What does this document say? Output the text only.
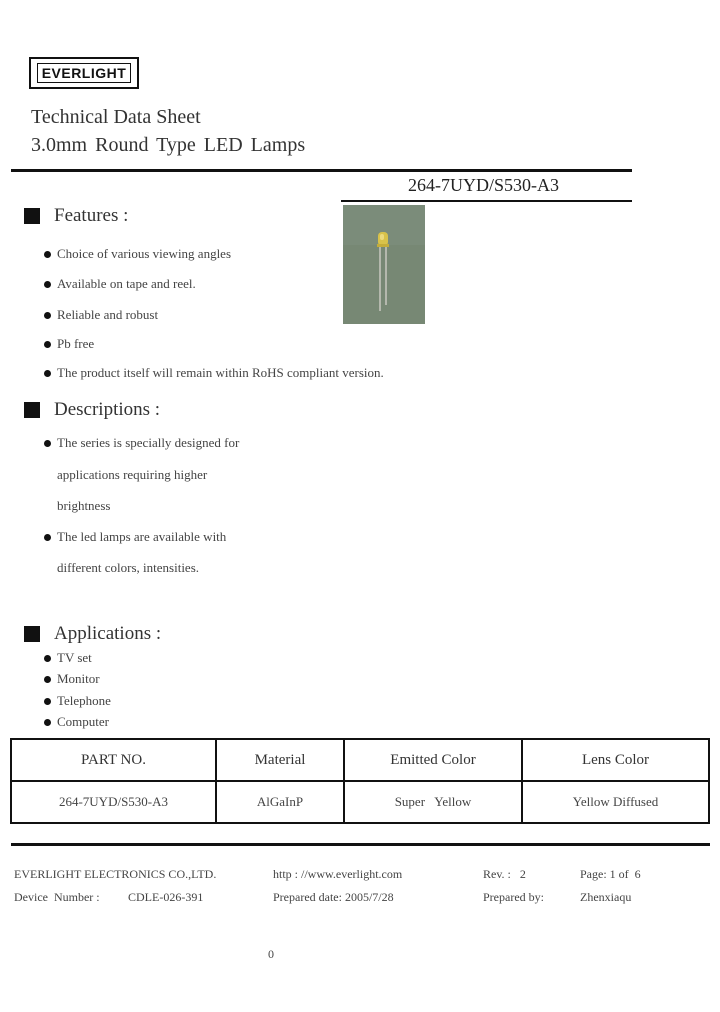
EVERLIGHT
Technical Data Sheet
3.0mm Round Type LED Lamps
264-7UYD/S530-A3
Features :
Choice of various viewing angles
Available on tape and reel.
Reliable and robust
Pb free
The product itself will remain within RoHS compliant version.
Descriptions :
The series is specially designed for
applications requiring higher
brightness
The led lamps are available with
different colors, intensities.
Applications :
TV set
Monitor
Telephone
Computer
PART NO.	Material	Emitted Color	Lens Color
264-7UYD/S530-A3	AlGaInP	Super   Yellow	Yellow Diffused
EVERLIGHT ELECTRONICS CO.,LTD.	http : //www.everlight.com	Rev. :   2	Page: 1 of  6
Device  Number : CDLE-026-391	Prepared date: 2005/7/28	Prepared by:	Zhenxiaqu
0
